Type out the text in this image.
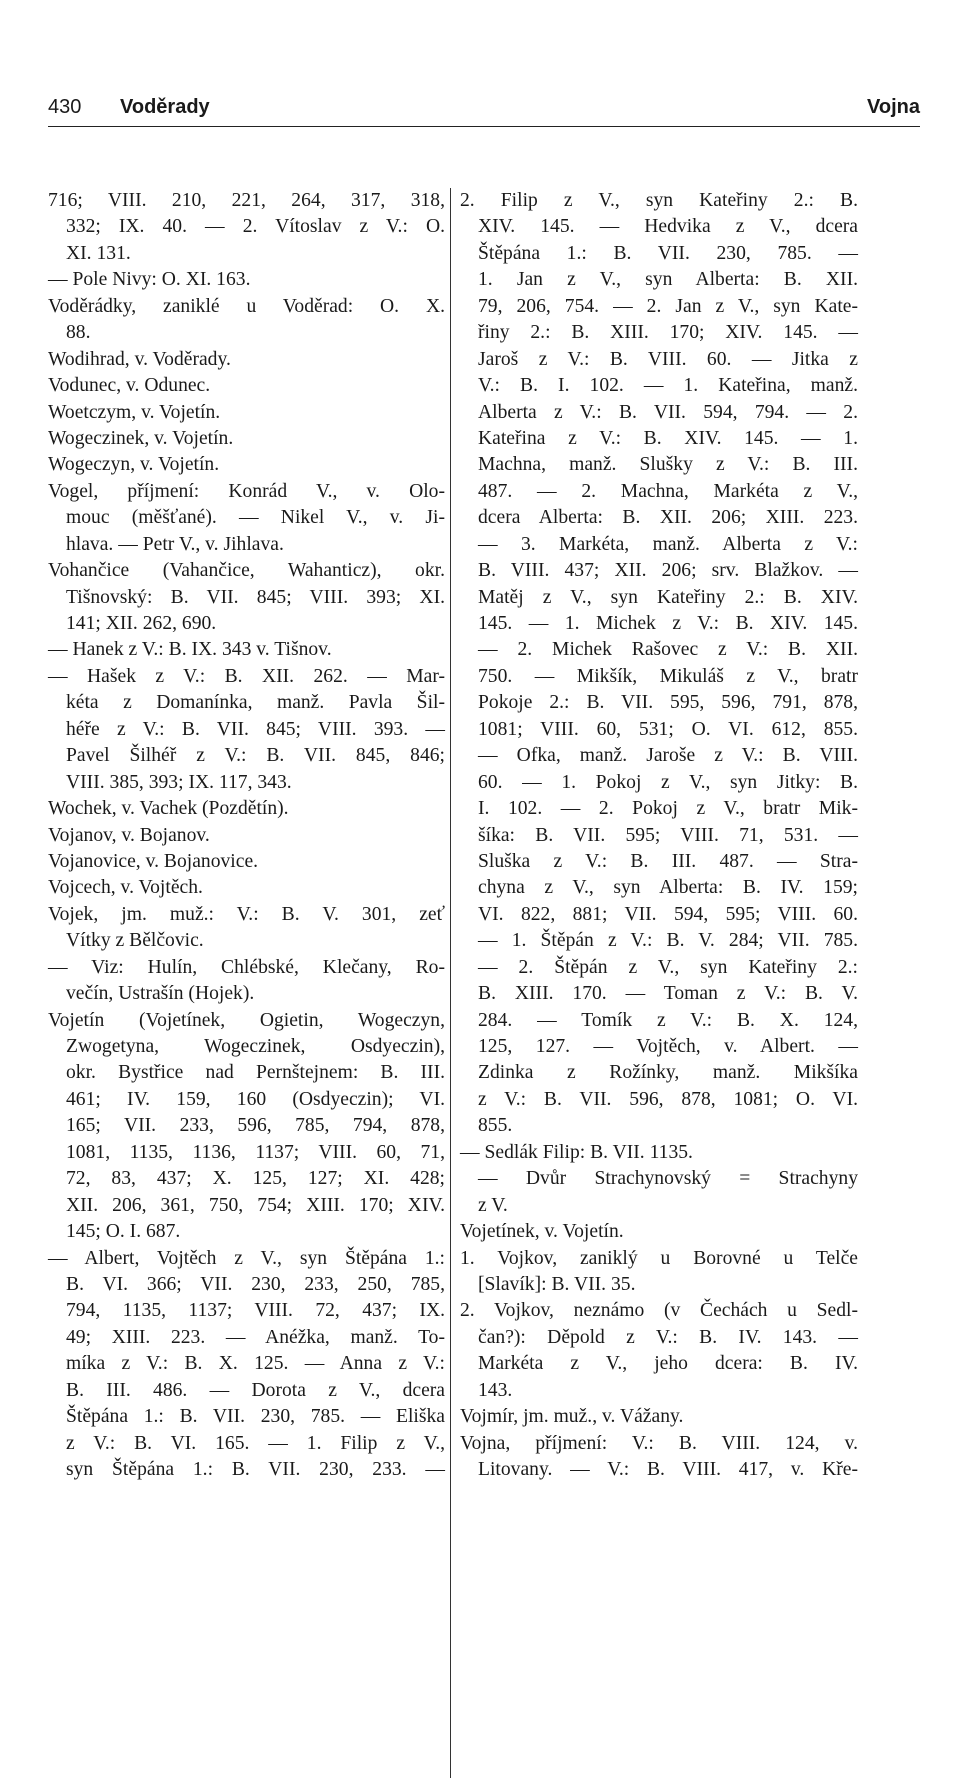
430 Voděrady	Vojna
716; VIII. 210, 221, 264, 317, 318,
332; IX. 40. — 2. Vítoslav z V.: O.
XI. 131.
— Pole Nivy: O. XI. 163.
Voděrádky, zaniklé u Voděrad: O. X.
88.
Wodihrad, v. Voděrady.
Vodunec, v. Odunec.
Woetczym, v. Vojetín.
Wogeczinek, v. Vojetín.
Wogeczyn, v. Vojetín.
Vogel, příjmení: Konrád V., v. Olo-
mouc (měšťané). — Nikel V., v. Ji-
hlava. — Petr V., v. Jihlava.
Vohančice (Vahančice, Wahanticz), okr.
Tišnovský: B. VII. 845; VIII. 393; XI.
141; XII. 262, 690.
— Hanek z V.: B. IX. 343 v. Tišnov.
— Hašek z V.: B. XII. 262. — Mar-
kéta z Domanínka, manž. Pavla Šil-
héře z V.: B. VII. 845; VIII. 393. —
Pavel Šilhéř z V.: B. VII. 845, 846;
VIII. 385, 393; IX. 117, 343.
Wochek, v. Vachek (Pozdětín).
Vojanov, v. Bojanov.
Vojanovice, v. Bojanovice.
Vojcech, v. Vojtěch.
Vojek, jm. muž.: V.: B. V. 301, zeť
Vítky z Bělčovic.
— Viz: Hulín, Chlébské, Klečany, Ro-
večín, Ustrašín (Hojek).
Vojetín (Vojetínek, Ogietin, Wogeczyn,
Zwogetyna, Wogeczinek, Osdyeczin),
okr. Bystřice nad Pernštejnem: B. III.
461; IV. 159, 160 (Osdyeczin); VI.
165; VII. 233, 596, 785, 794, 878,
1081, 1135, 1136, 1137; VIII. 60, 71,
72, 83, 437; X. 125, 127; XI. 428;
XII. 206, 361, 750, 754; XIII. 170; XIV.
145; O. I. 687.
— Albert, Vojtěch z V., syn Štěpána 1.:
B. VI. 366; VII. 230, 233, 250, 785,
794, 1135, 1137; VIII. 72, 437; IX.
49; XIII. 223. — Anéžka, manž. To-
míka z V.: B. X. 125. — Anna z V.:
B. III. 486. — Dorota z V., dcera
Štěpána 1.: B. VII. 230, 785. — Eliška
z V.: B. VI. 165. — 1. Filip z V.,
syn Štěpána 1.: B. VII. 230, 233. —
2. Filip z V., syn Kateřiny 2.: B.
XIV. 145. — Hedvika z V., dcera
Štěpána 1.: B. VII. 230, 785. —
1. Jan z V., syn Alberta: B. XII.
79, 206, 754. — 2. Jan z V., syn Kate-
řiny 2.: B. XIII. 170; XIV. 145. —
Jaroš z V.: B. VIII. 60. — Jitka z
V.: B. I. 102. — 1. Kateřina, manž.
Alberta z V.: B. VII. 594, 794. — 2.
Kateřina z V.: B. XIV. 145. — 1.
Machna, manž. Slušky z V.: B. III.
487. — 2. Machna, Markéta z V.,
dcera Alberta: B. XII. 206; XIII. 223.
— 3. Markéta, manž. Alberta z V.:
B. VIII. 437; XII. 206; srv. Blažkov. —
Matěj z V., syn Kateřiny 2.: B. XIV.
145. — 1. Michek z V.: B. XIV. 145.
— 2. Michek Rašovec z V.: B. XII.
750. — Mikšík, Mikuláš z V., bratr
Pokoje 2.: B. VII. 595, 596, 791, 878,
1081; VIII. 60, 531; O. VI. 612, 855.
— Ofka, manž. Jaroše z V.: B. VIII.
60. — 1. Pokoj z V., syn Jitky: B.
I. 102. — 2. Pokoj z V., bratr Mik-
šíka: B. VII. 595; VIII. 71, 531. —
Sluška z V.: B. III. 487. — Stra-
chyna z V., syn Alberta: B. IV. 159;
VI. 822, 881; VII. 594, 595; VIII. 60.
— 1. Štěpán z V.: B. V. 284; VII. 785.
— 2. Štěpán z V., syn Kateřiny 2.:
B. XIII. 170. — Toman z V.: B. V.
284. — Tomík z V.: B. X. 124,
125, 127. — Vojtěch, v. Albert. —
Zdinka z Rožínky, manž. Mikšíka
z V.: B. VII. 596, 878, 1081; O. VI.
855.
— Sedlák Filip: B. VII. 1135.
— Dvůr Strachynovský = Strachyny
z V.
Vojetínek, v. Vojetín.
1. Vojkov, zaniklý u Borovné u Telče
[Slavík]: B. VII. 35.
2. Vojkov, neznámo (v Čechách u Sedl-
čan?): Děpold z V.: B. IV. 143. —
Markéta z V., jeho dcera: B. IV.
143.
Vojmír, jm. muž., v. Vážany.
Vojna, příjmení: V.: B. VIII. 124, v.
Litovany. — V.: B. VIII. 417, v. Kře-
